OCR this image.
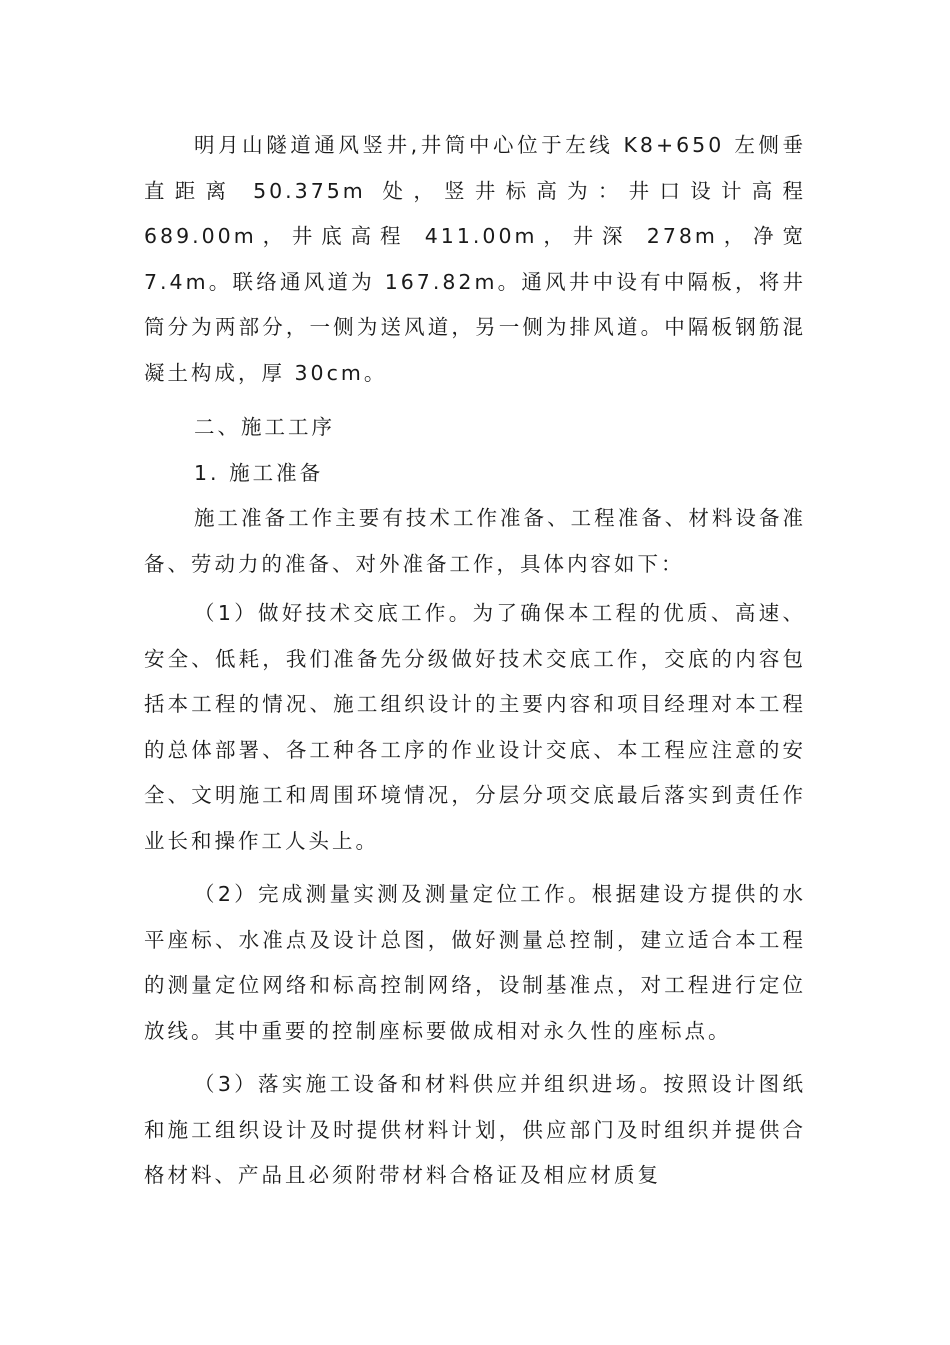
明月山隧道通风竖井,井筒中心位于左线 K8+650 左侧垂直距离 50.375m 处，竖井标高为：井口设计高程 689.00m，井底高程 411.00m，井深 278m，净宽 7.4m。联络通风道为 167.82m。通风井中设有中隔板，将井筒分为两部分，一侧为送风道，另一侧为排风道。中隔板钢筋混凝土构成，厚 30cm。

二、施工工序

1. 施工准备

施工准备工作主要有技术工作准备、工程准备、材料设备准备、劳动力的准备、对外准备工作，具体内容如下：

（1）做好技术交底工作。为了确保本工程的优质、高速、安全、低耗，我们准备先分级做好技术交底工作，交底的内容包括本工程的情况、施工组织设计的主要内容和项目经理对本工程的总体部署、各工种各工序的作业设计交底、本工程应注意的安全、文明施工和周围环境情况，分层分项交底最后落实到责任作业长和操作工人头上。

（2）完成测量实测及测量定位工作。根据建设方提供的水平座标、水准点及设计总图，做好测量总控制，建立适合本工程的测量定位网络和标高控制网络，设制基准点，对工程进行定位放线。其中重要的控制座标要做成相对永久性的座标点。

（3）落实施工设备和材料供应并组织进场。按照设计图纸和施工组织设计及时提供材料计划，供应部门及时组织并提供合格材料、产品且必须附带材料合格证及相应材质复
